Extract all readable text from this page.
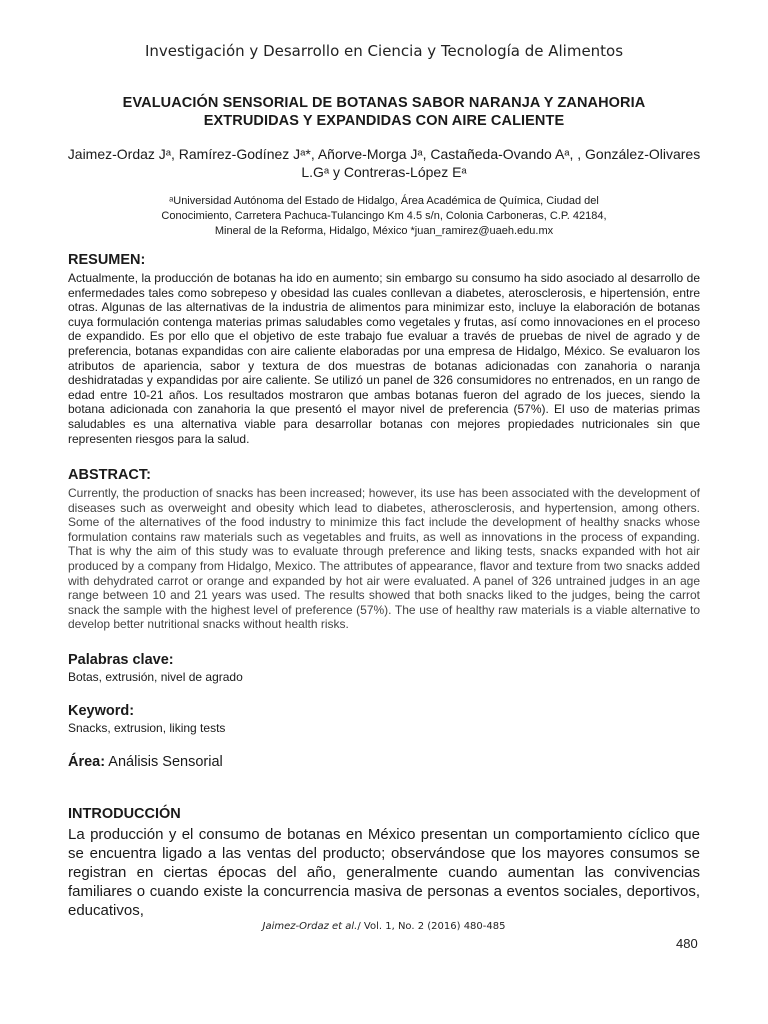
Investigación y Desarrollo en Ciencia y Tecnología de Alimentos
EVALUACIÓN SENSORIAL DE BOTANAS SABOR NARANJA Y ZANAHORIA
EXTRUDIDAS Y EXPANDIDAS CON AIRE CALIENTE
Jaimez-Ordaz Jᵃ, Ramírez-Godínez Jᵃ*, Añorve-Morga Jᵃ, Castañeda-Ovando Aᵃ, , González-Olivares
L.Gᵃ y Contreras-López Eᵃ
ᵃUniversidad Autónoma del Estado de Hidalgo, Área Académica de Química, Ciudad del
Conocimiento, Carretera Pachuca-Tulancingo Km 4.5 s/n, Colonia Carboneras, C.P. 42184,
Mineral de la Reforma, Hidalgo, México *juan_ramirez@uaeh.edu.mx
RESUMEN:
Actualmente, la producción de botanas ha ido en aumento; sin embargo su consumo ha sido asociado al desarrollo de enfermedades tales como sobrepeso y obesidad las cuales conllevan a diabetes, aterosclerosis, e hipertensión, entre otras. Algunas de las alternativas de la industria de alimentos para minimizar esto, incluye la elaboración de botanas cuya formulación contenga materias primas saludables como vegetales y frutas, así como innovaciones en el proceso de expandido. Es por ello que el objetivo de este trabajo fue evaluar a través de pruebas de nivel de agrado y de preferencia, botanas expandidas con aire caliente elaboradas por una empresa de Hidalgo, México. Se evaluaron los atributos de apariencia, sabor y textura de dos muestras de botanas adicionadas con zanahoria o naranja deshidratadas y expandidas por aire caliente. Se utilizó un panel de 326 consumidores no entrenados, en un rango de edad entre 10-21 años. Los resultados mostraron que ambas botanas fueron del agrado de los jueces, siendo la botana adicionada con zanahoria la que presentó el mayor nivel de preferencia (57%). El uso de materias primas saludables es una alternativa viable para desarrollar botanas con mejores propiedades nutricionales sin que representen riesgos para la salud.
ABSTRACT:
Currently, the production of snacks has been increased; however, its use has been associated with the development of diseases such as overweight and obesity which lead to diabetes, atherosclerosis, and hypertension, among others. Some of the alternatives of the food industry to minimize this fact include the development of healthy snacks whose formulation contains raw materials such as vegetables and fruits, as well as innovations in the process of expanding. That is why the aim of this study was to evaluate through preference and liking tests, snacks expanded with hot air produced by a company from Hidalgo, Mexico. The attributes of appearance, flavor and texture from two snacks added with dehydrated carrot or orange and expanded by hot air were evaluated. A panel of 326 untrained judges in an age range between 10 and 21 years was used. The results showed that both snacks liked to the judges, being the carrot snack the sample with the highest level of preference (57%). The use of healthy raw materials is a viable alternative to develop better nutritional snacks without health risks.
Palabras clave:
Botas, extrusión, nivel de agrado
Keyword:
Snacks, extrusion, liking tests
Área: Análisis Sensorial
INTRODUCCIÓN
La producción y el consumo de botanas en México presentan un comportamiento cíclico que se encuentra ligado a las ventas del producto; observándose que los mayores consumos se registran en ciertas épocas del año, generalmente cuando aumentan las convivencias familiares o cuando existe la concurrencia masiva de personas a eventos sociales, deportivos, educativos,
Jaimez-Ordaz et al./ Vol. 1, No. 2 (2016) 480-485
480
